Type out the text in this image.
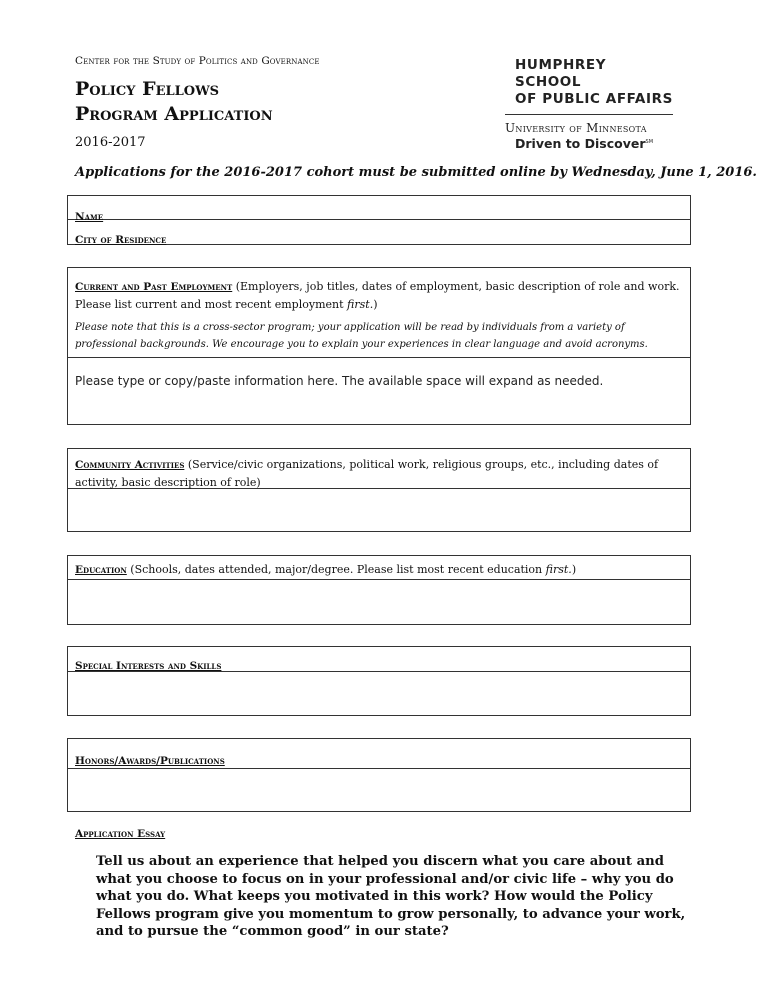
Center for the Study of Politics and Governance
Policy Fellows
Program Application
2016-2017
HUMPHREY SCHOOL
OF PUBLIC AFFAIRS
University of Minnesota
Driven to Discover℠
Applications for the 2016-2017 cohort must be submitted online by Wednesday, June 1, 2016.
Name
City of Residence
Current and Past Employment (Employers, job titles, dates of employment, basic description of role and work. Please list current and most recent employment first.)
Please note that this is a cross-sector program; your application will be read by individuals from a variety of professional backgrounds. We encourage you to explain your experiences in clear language and avoid acronyms.
Please type or copy/paste information here. The available space will expand as needed.
Community Activities (Service/civic organizations, political work, religious groups, etc., including dates of activity, basic description of role)
Education (Schools, dates attended, major/degree. Please list most recent education first.)
Special Interests and Skills
Honors/Awards/Publications
Application Essay
Tell us about an experience that helped you discern what you care about and what you choose to focus on in your professional and/or civic life – why you do what you do. What keeps you motivated in this work? How would the Policy Fellows program give you momentum to grow personally, to advance your work, and to pursue the “common good” in our state?
